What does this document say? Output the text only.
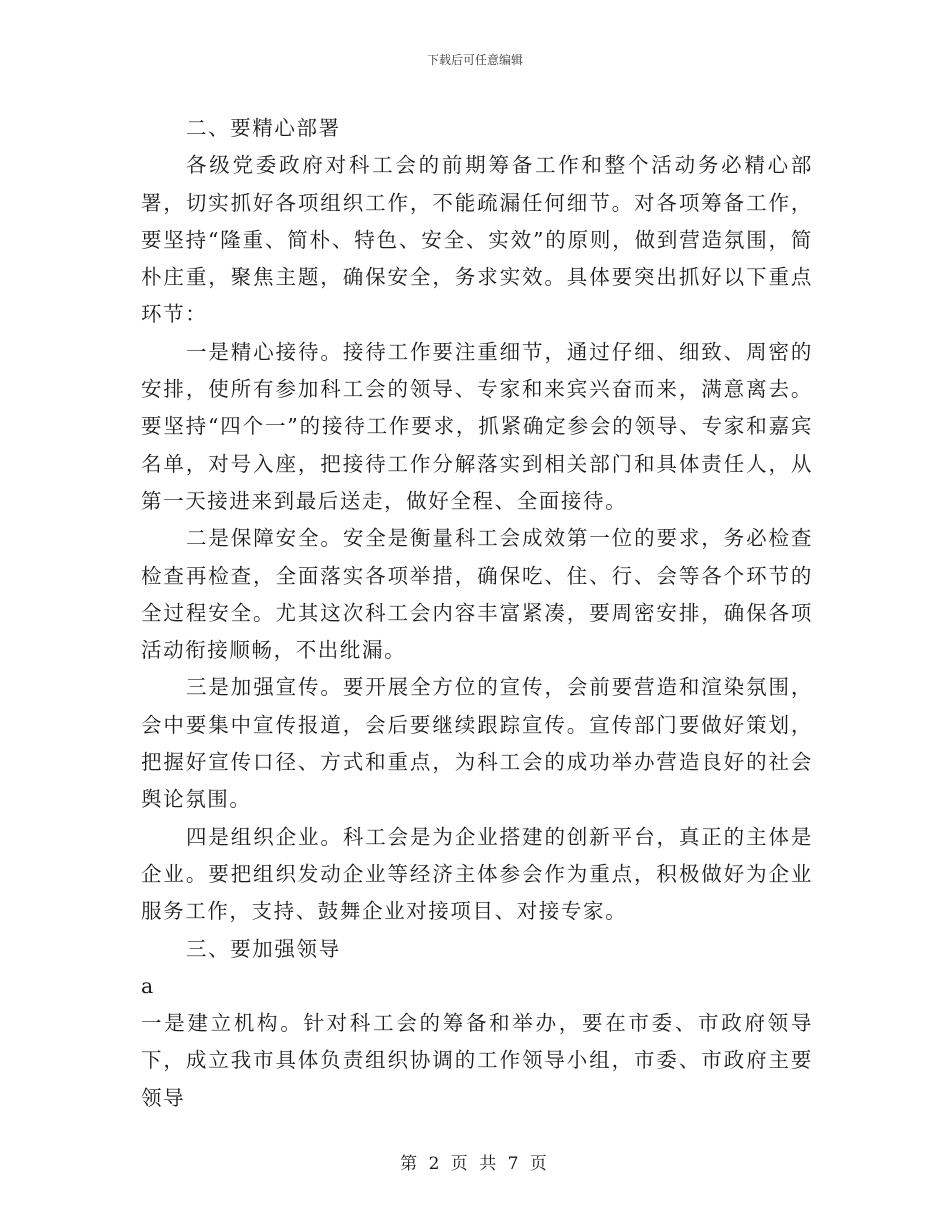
下载后可任意编辑

二、要精心部署

各级党委政府对科工会的前期筹备工作和整个活动务必精心部署，切实抓好各项组织工作，不能疏漏任何细节。对各项筹备工作，要坚持“隆重、简朴、特色、安全、实效”的原则，做到营造氛围，简朴庄重，聚焦主题，确保安全，务求实效。具体要突出抓好以下重点环节：

一是精心接待。接待工作要注重细节，通过仔细、细致、周密的安排，使所有参加科工会的领导、专家和来宾兴奋而来，满意离去。要坚持“四个一”的接待工作要求，抓紧确定参会的领导、专家和嘉宾名单，对号入座，把接待工作分解落实到相关部门和具体责任人，从第一天接进来到最后送走，做好全程、全面接待。

二是保障安全。安全是衡量科工会成效第一位的要求，务必检查检查再检查，全面落实各项举措，确保吃、住、行、会等各个环节的全过程安全。尤其这次科工会内容丰富紧凑，要周密安排，确保各项活动衔接顺畅，不出纰漏。

三是加强宣传。要开展全方位的宣传，会前要营造和渲染氛围，会中要集中宣传报道，会后要继续跟踪宣传。宣传部门要做好策划，把握好宣传口径、方式和重点，为科工会的成功举办营造良好的社会舆论氛围。

四是组织企业。科工会是为企业搭建的创新平台，真正的主体是企业。要把组织发动企业等经济主体参会作为重点，积极做好为企业服务工作，支持、鼓舞企业对接项目、对接专家。

三、要加强领导

a

一是建立机构。针对科工会的筹备和举办，要在市委、市政府领导下，成立我市具体负责组织协调的工作领导小组，市委、市政府主要领导

第 2 页 共 7 页
